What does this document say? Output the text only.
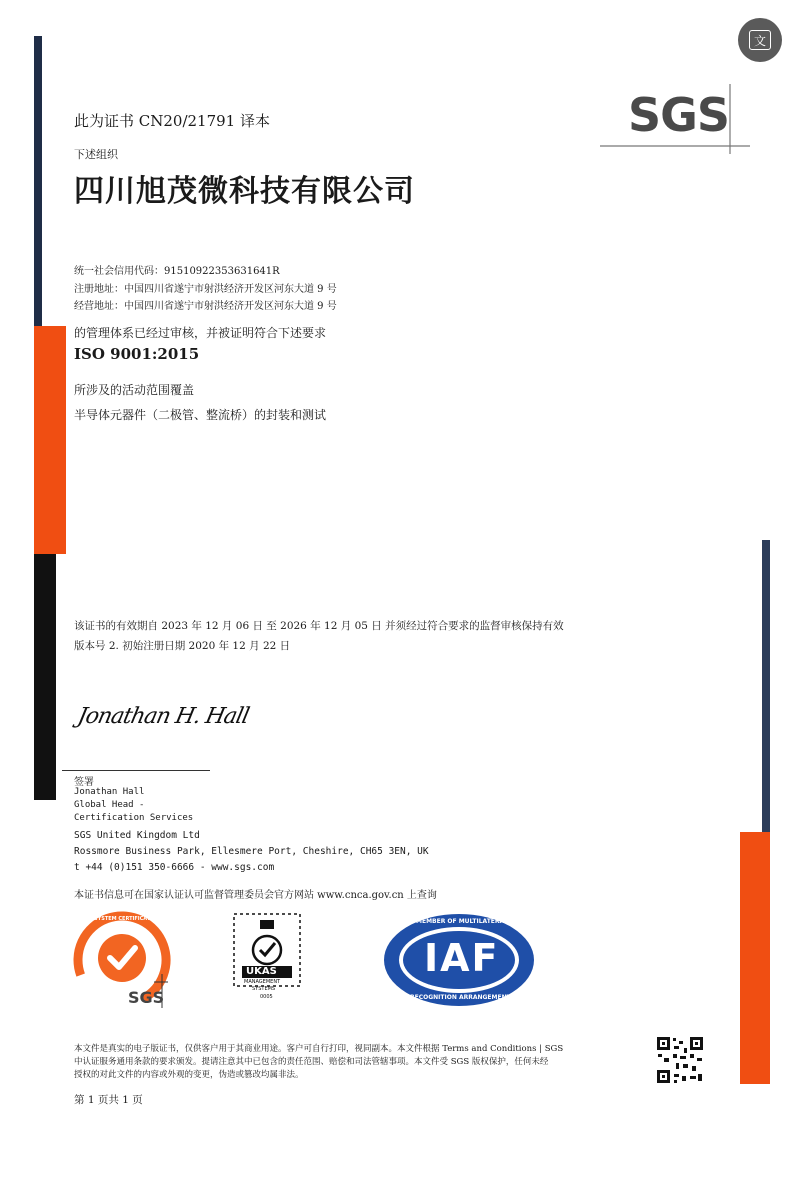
文
此为证书 CN20/21791 译本	SGS
下述组织
四川旭茂微科技有限公司
统一社会信用代码：91510922353631641R
注册地址：中国四川省遂宁市射洪经济开发区河东大道 9 号
经营地址：中国四川省遂宁市射洪经济开发区河东大道 9 号
的管理体系已经过审核，并被证明符合下述要求
ISO 9001:2015
所涉及的活动范围覆盖
半导体元器件（二极管、整流桥）的封装和测试
该证书的有效期自 2023 年 12 月 06 日 至 2026 年 12 月 05 日 并须经过符合要求的监督审核保持有效
版本号 2. 初始注册日期 2020 年 12 月 22 日
Jonathan H. Hall
签署
Jonathan Hall
Global Head -
Certification Services
SGS United Kingdom Ltd
Rossmore Business Park, Ellesmere Port, Cheshire, CH65 3EN, UK
t +44 (0)151 350-6666 - www.sgs.com
本证书信息可在国家认证认可监督管理委员会官方网站 www.cnca.gov.cn 上查询
SYSTEM CERTIFICATION
ISO 9001	SGS
UKAS
MANAGEMENT
SYSTEMS
0005
IAF
MEMBER OF MULTILATERAL
RECOGNITION ARRANGEMENT
本文件是真实的电子版证书，仅供客户用于其商业用途。客户可自行打印，视同副本。本文件根据 Terms and Conditions | SGS
中认证服务通用条款的要求颁发。提请注意其中已包含的责任范围、赔偿和司法管辖事项。本文件受 SGS 版权保护，任何未经
授权的对此文件的内容或外观的变更，伪造或篡改均属非法。
第 1 页共 1 页
